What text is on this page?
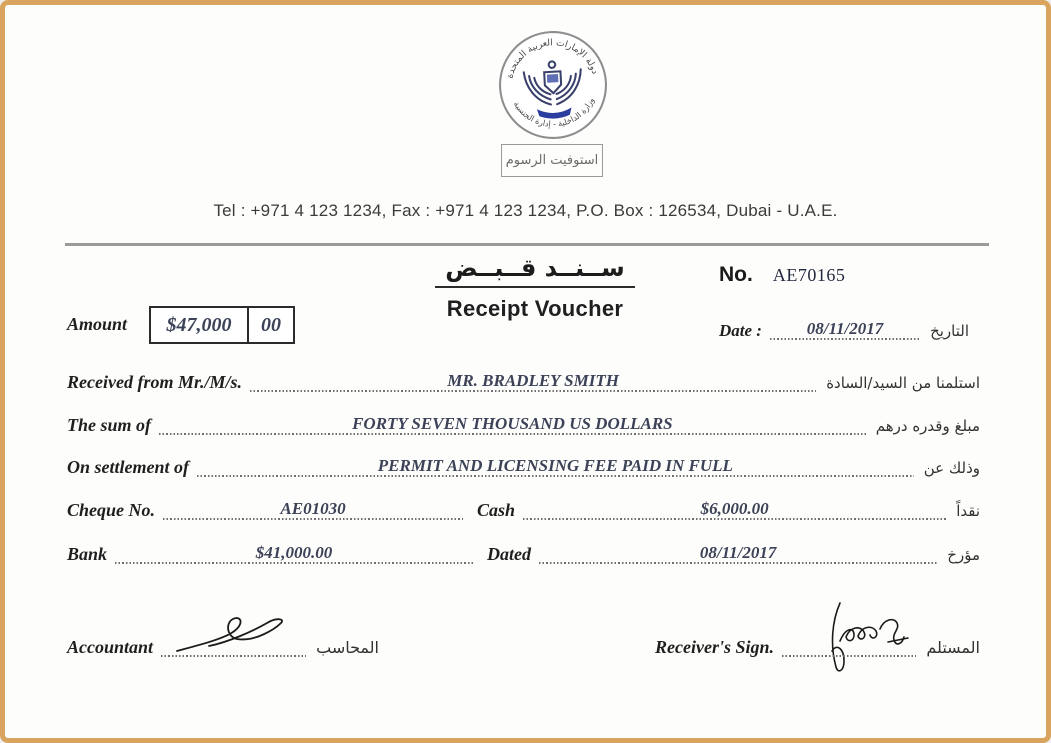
دولة الإمارات العربية المتحدة
وزارة الداخلية - إدارة الجنسية
استوفيت الرسوم
Tel : +971 4 123 1234, Fax : +971 4 123 1234, P.O. Box : 126534, Dubai - U.A.E.
ســنــد قــبــض
Receipt Voucher
No. AE70165
Date :	08/11/2017	التاريخ
Amount	$47,000	00
Received from Mr./M/s.	MR. BRADLEY SMITH	استلمنا من السيد/السادة
The sum of	FORTY SEVEN THOUSAND US DOLLARS	مبلغ وقدره درهم
On settlement of	PERMIT AND LICENSING FEE PAID IN FULL	وذلك عن
Cheque No.	AE01030	Cash	$6,000.00	نقداً
Bank	$41,000.00	Dated	08/11/2017	مؤرخ
Accountant	المحاسب	Receiver's Sign.	المستلم
